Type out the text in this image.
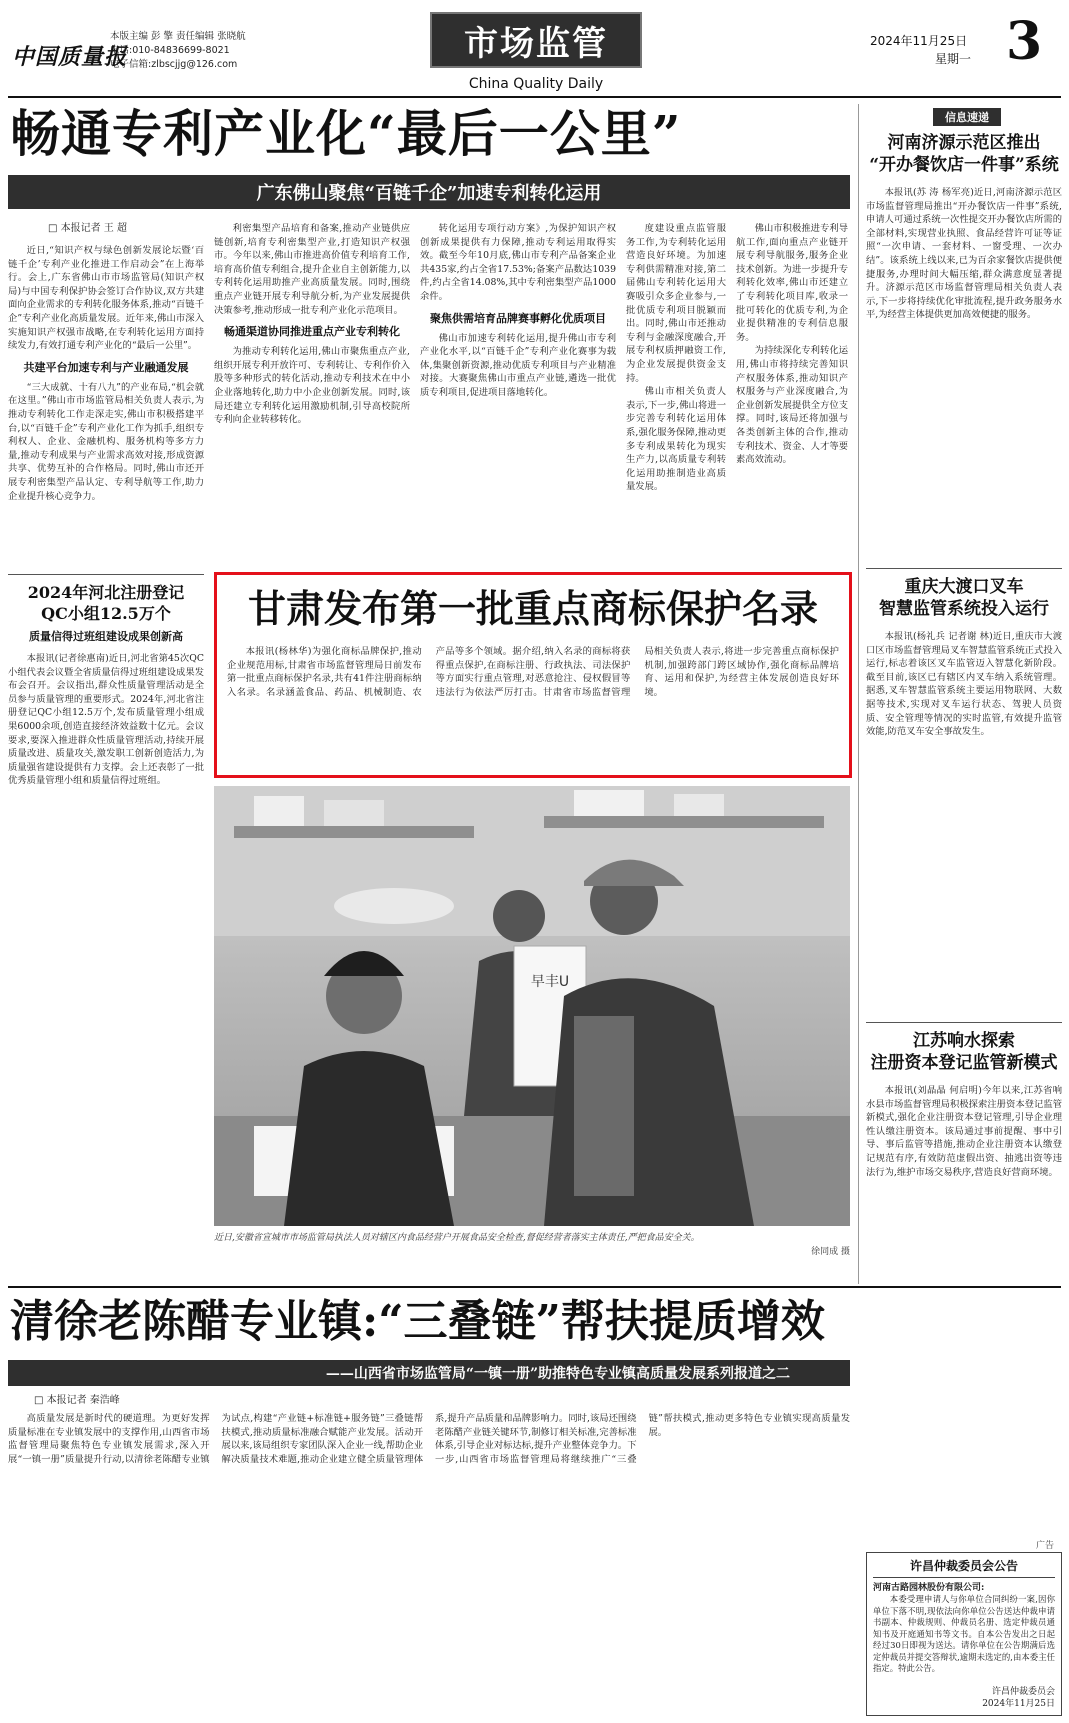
中国质量报
本版主编 彭 擎 责任编辑 张晓航
电话:010-84836699-8021
电子信箱:zlbscjjg@126.com
市场监管
China Quality Daily
2024年11月25日
星期一 3
畅通专利产业化“最后一公里”
广东佛山聚焦“百链千企”加速专利转化运用
□ 本报记者 王 超

近日,“知识产权与绿色创新发展论坛暨‘百链千企’专利产业化推进工作启动会”在上海举行。会上,广东省佛山市市场监管局(知识产权局)与中国专利保护协会签订合作协议,双方共建面向企业需求的专利转化服务体系,推动“百链千企”专利产业化高质量发展。近年来,佛山市深入实施知识产权强市战略,在专利转化运用方面持续发力,有效打通专利产业化的“最后一公里”。

共建平台加速专利与产业融通发展

“三大成就、十有八九”的产业布局,“机会就在这里。”佛山市市场监管局相关负责人表示,为推动专利转化工作走深走实,佛山市积极搭建平台,以“百链千企”专利产业化工作为抓手,组织专利权人、企业、金融机构、服务机构等多方力量,推动专利成果与产业需求高效对接,形成资源共享、优势互补的合作格局。同时,佛山市还开展专利密集型产品认定、专利导航等工作,助力企业提升核心竞争力。

利密集型产品培育和备案,推动产业链供应链创新,培育专利密集型产业,打造知识产权强市。今年以来,佛山市推进高价值专利培育工作,培育高价值专利组合,提升企业自主创新能力,以专利转化运用助推产业高质量发展。同时,围绕重点产业链开展专利导航分析,为产业发展提供决策参考,推动形成一批专利产业化示范项目。

畅通渠道协同推进重点产业专利转化

为推动专利转化运用,佛山市聚焦重点产业,组织开展专利开放许可、专利转让、专利作价入股等多种形式的转化活动,推动专利技术在中小企业落地转化,助力中小企业创新发展。同时,该局还建立专利转化运用激励机制,引导高校院所专利向企业转移转化。

转化运用专项行动方案》,为保护知识产权创新成果提供有力保障,推动专利运用取得实效。截至今年10月底,佛山市专利产品备案企业共435家,约占全省17.53%;备案产品数达1039件,约占全省14.08%,其中专利密集型产品1000余件。

聚焦供需培育品牌赛事孵化优质项目

佛山市加速专利转化运用,提升佛山市专利产业化水平,以“百链千企”专利产业化赛事为载体,集聚创新资源,推动优质专利项目与产业精准对接。大赛聚焦佛山市重点产业链,遴选一批优质专利项目,促进项目落地转化。

度建设重点监管服务工作,为专利转化运用营造良好环境。为加速专利供需精准对接,第二届佛山专利转化运用大赛吸引众多企业参与,一批优质专利项目脱颖而出。同时,佛山市还推动专利与金融深度融合,开展专利权质押融资工作,为企业发展提供资金支持。

佛山市相关负责人表示,下一步,佛山将进一步完善专利转化运用体系,强化服务保障,推动更多专利成果转化为现实生产力,以高质量专利转化运用助推制造业高质量发展。

佛山市积极推进专利导航工作,面向重点产业链开展专利导航服务,服务企业技术创新。为进一步提升专利转化效率,佛山市还建立了专利转化项目库,收录一批可转化的优质专利,为企业提供精准的专利信息服务。

为持续深化专利转化运用,佛山市将持续完善知识产权服务体系,推动知识产权服务与产业深度融合,为企业创新发展提供全方位支撑。同时,该局还将加强与各类创新主体的合作,推动专利技术、资金、人才等要素高效流动。

信息速递
河南济源示范区推出
“开办餐饮店一件事”系统

本报讯(苏 涛 杨军亮)近日,河南济源示范区市场监督管理局推出“开办餐饮店一件事”系统,申请人可通过系统一次性提交开办餐饮店所需的全部材料,实现营业执照、食品经营许可证等证照“一次申请、一套材料、一窗受理、一次办结”。该系统上线以来,已为百余家餐饮店提供便捷服务,办理时间大幅压缩,群众满意度显著提升。济源示范区市场监督管理局相关负责人表示,下一步将持续优化审批流程,提升政务服务水平,为经营主体提供更加高效便捷的服务。

重庆大渡口叉车
智慧监管系统投入运行

本报讯(杨礼兵 记者谢 林)近日,重庆市大渡口区市场监督管理局叉车智慧监管系统正式投入运行,标志着该区叉车监管迈入智慧化新阶段。截至目前,该区已有辖区内叉车纳入系统管理。据悉,叉车智慧监管系统主要运用物联网、大数据等技术,实现对叉车运行状态、驾驶人员资质、安全管理等情况的实时监管,有效提升监管效能,防范叉车安全事故发生。

江苏响水探索
注册资本登记监管新模式

本报讯(刘晶晶 何启明)今年以来,江苏省响水县市场监督管理局积极探索注册资本登记监管新模式,强化企业注册资本登记管理,引导企业理性认缴注册资本。该局通过事前提醒、事中引导、事后监管等措施,推动企业注册资本认缴登记规范有序,有效防范虚假出资、抽逃出资等违法行为,维护市场交易秩序,营造良好营商环境。

2024年河北注册登记
QC小组12.5万个
质量信得过班组建设成果创新高

本报讯(记者徐惠南)近日,河北省第45次QC小组代表会议暨全省质量信得过班组建设成果发布会召开。会议指出,群众性质量管理活动是全员参与质量管理的重要形式。2024年,河北省注册登记QC小组12.5万个,发布质量管理小组成果6000余项,创造直接经济效益数十亿元。会议要求,要深入推进群众性质量管理活动,持续开展质量改进、质量攻关,激发职工创新创造活力,为质量强省建设提供有力支撑。会上还表彰了一批优秀质量管理小组和质量信得过班组。

甘肃发布第一批重点商标保护名录

本报讯(杨林华)为强化商标品牌保护,推动企业规范用标,甘肃省市场监督管理局日前发布第一批重点商标保护名录,共有41件注册商标纳入名录。名录涵盖食品、药品、机械制造、农产品等多个领域。据介绍,纳入名录的商标将获得重点保护,在商标注册、行政执法、司法保护等方面实行重点管理,对恶意抢注、侵权假冒等违法行为依法严厉打击。甘肃省市场监督管理局相关负责人表示,将进一步完善重点商标保护机制,加强跨部门跨区域协作,强化商标品牌培育、运用和保护,为经营主体发展创造良好环境。

早丰U
近日,安徽省宣城市市场监管局执法人员对辖区内食品经营户开展食品安全检查,督促经营者落实主体责任,严把食品安全关。
徐同成 摄
清徐老陈醋专业镇:“三叠链”帮扶提质增效
——山西省市场监管局“一镇一册”助推特色专业镇高质量发展系列报道之二
□ 本报记者 秦浩峰

高质量发展是新时代的硬道理。为更好发挥质量标准在专业镇发展中的支撑作用,山西省市场监督管理局聚焦特色专业镇发展需求,深入开展“一镇一册”质量提升行动,以清徐老陈醋专业镇为试点,构建“产业链+标准链+服务链”三叠链帮扶模式,推动质量标准融合赋能产业发展。活动开展以来,该局组织专家团队深入企业一线,帮助企业解决质量技术难题,推动企业建立健全质量管理体系,提升产品质量和品牌影响力。同时,该局还围绕老陈醋产业链关键环节,制修订相关标准,完善标准体系,引导企业对标达标,提升产业整体竞争力。下一步,山西省市场监督管理局将继续推广“三叠链”帮扶模式,推动更多特色专业镇实现高质量发展。

广告
许昌仲裁委员会公告
河南古路园林股份有限公司:

本委受理申请人与你单位合同纠纷一案,因你单位下落不明,现依法向你单位公告送达仲裁申请书副本、仲裁规则、仲裁员名册、选定仲裁员通知书及开庭通知书等文书。自本公告发出之日起经过30日即视为送达。请你单位在公告期满后选定仲裁员并提交答辩状,逾期未选定的,由本委主任指定。特此公告。

许昌仲裁委员会
2024年11月25日
